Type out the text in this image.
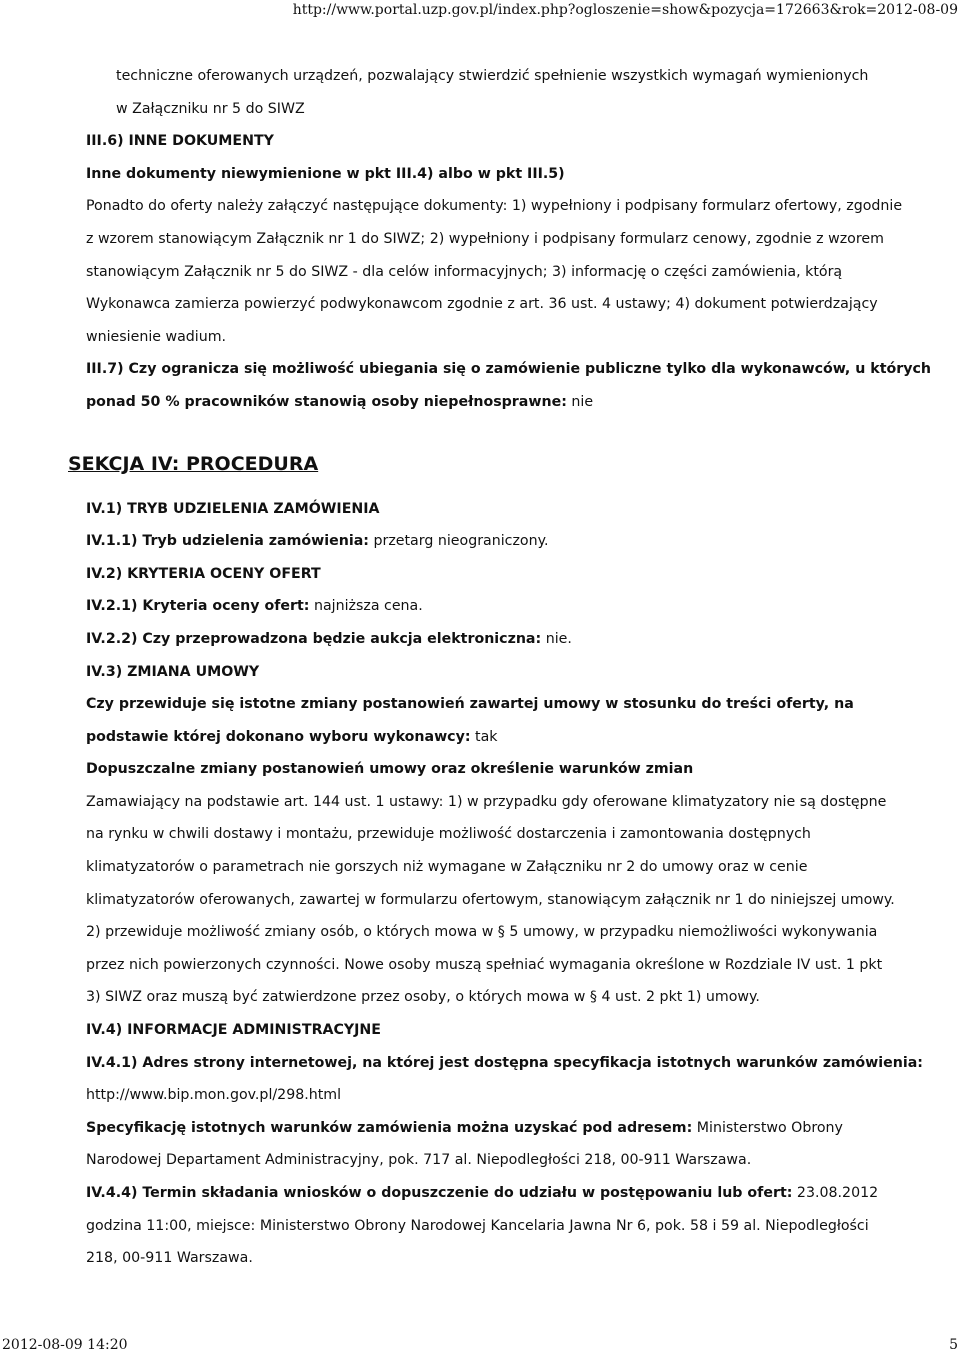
http://www.portal.uzp.gov.pl/index.php?ogloszenie=show&pozycja=172663&rok=2012-08-09
techniczne oferowanych urządzeń, pozwalający stwierdzić spełnienie wszystkich wymagań wymienionych
w Załączniku nr 5 do SIWZ
III.6) INNE DOKUMENTY
Inne dokumenty niewymienione w pkt III.4) albo w pkt III.5)
Ponadto do oferty należy załączyć następujące dokumenty: 1) wypełniony i podpisany formularz ofertowy, zgodnie
z wzorem stanowiącym Załącznik nr 1 do SIWZ; 2) wypełniony i podpisany formularz cenowy, zgodnie z wzorem
stanowiącym Załącznik nr 5 do SIWZ - dla celów informacyjnych; 3) informację o części zamówienia, którą
Wykonawca zamierza powierzyć podwykonawcom zgodnie z art. 36 ust. 4 ustawy; 4) dokument potwierdzający
wniesienie wadium.
III.7) Czy ogranicza się możliwość ubiegania się o zamówienie publiczne tylko dla wykonawców, u których
ponad 50 % pracowników stanowią osoby niepełnosprawne: nie
SEKCJA IV: PROCEDURA
IV.1) TRYB UDZIELENIA ZAMÓWIENIA
IV.1.1) Tryb udzielenia zamówienia: przetarg nieograniczony.
IV.2) KRYTERIA OCENY OFERT
IV.2.1) Kryteria oceny ofert: najniższa cena.
IV.2.2) Czy przeprowadzona będzie aukcja elektroniczna: nie.
IV.3) ZMIANA UMOWY
Czy przewiduje się istotne zmiany postanowień zawartej umowy w stosunku do treści oferty, na
podstawie której dokonano wyboru wykonawcy: tak
Dopuszczalne zmiany postanowień umowy oraz określenie warunków zmian
Zamawiający na podstawie art. 144 ust. 1 ustawy: 1) w przypadku gdy oferowane klimatyzatory nie są dostępne
na rynku w chwili dostawy i montażu, przewiduje możliwość dostarczenia i zamontowania dostępnych
klimatyzatorów o parametrach nie gorszych niż wymagane w Załączniku nr 2 do umowy oraz w cenie
klimatyzatorów oferowanych, zawartej w formularzu ofertowym, stanowiącym załącznik nr 1 do niniejszej umowy.
2) przewiduje możliwość zmiany osób, o których mowa w § 5 umowy, w przypadku niemożliwości wykonywania
przez nich powierzonych czynności. Nowe osoby muszą spełniać wymagania określone w Rozdziale IV ust. 1 pkt
3) SIWZ oraz muszą być zatwierdzone przez osoby, o których mowa w § 4 ust. 2 pkt 1) umowy.
IV.4) INFORMACJE ADMINISTRACYJNE
IV.4.1) Adres strony internetowej, na której jest dostępna specyfikacja istotnych warunków zamówienia:
http://www.bip.mon.gov.pl/298.html
Specyfikację istotnych warunków zamówienia można uzyskać pod adresem: Ministerstwo Obrony
Narodowej Departament Administracyjny, pok. 717 al. Niepodległości 218, 00-911 Warszawa.
IV.4.4) Termin składania wniosków o dopuszczenie do udziału w postępowaniu lub ofert: 23.08.2012
godzina 11:00, miejsce: Ministerstwo Obrony Narodowej Kancelaria Jawna Nr 6, pok. 58 i 59 al. Niepodległości
218, 00-911 Warszawa.
2012-08-09 14:20	5
